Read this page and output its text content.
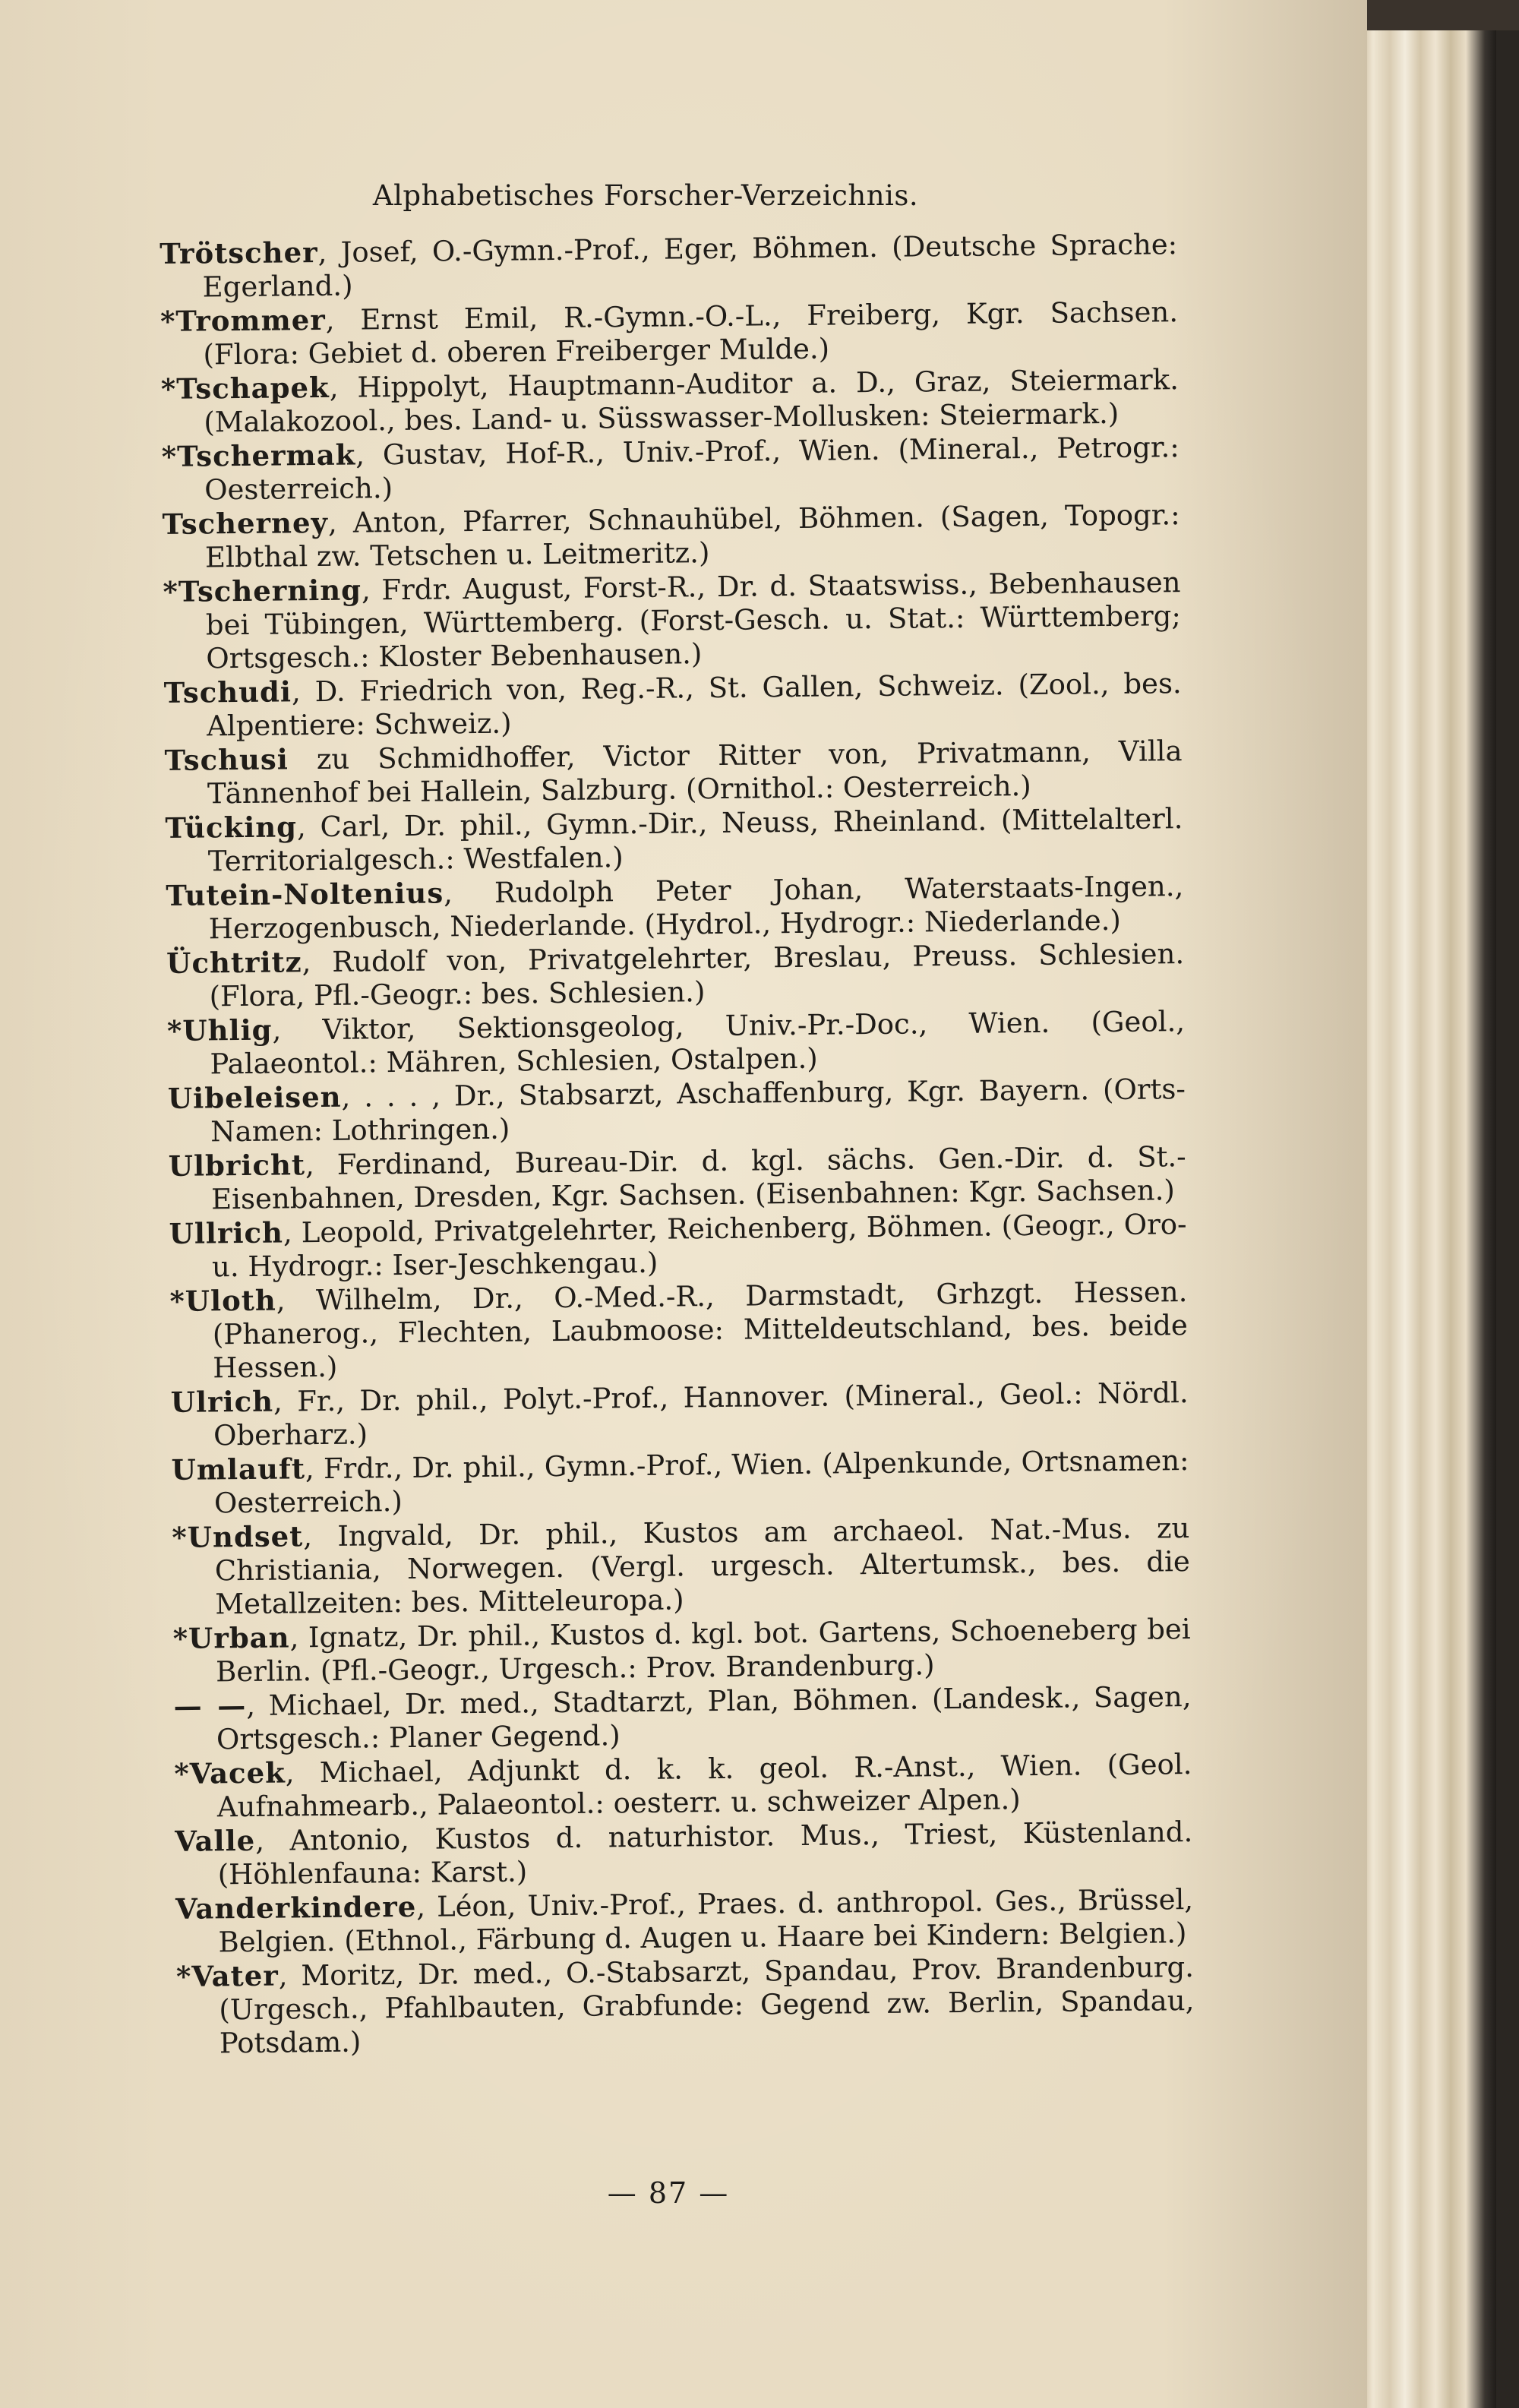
Alphabetisches Forscher-Verzeichnis.

Trötscher, Josef, O.-Gymn.-Prof., Eger, Böhmen. (Deutsche Sprache: Egerland.)

*Trommer, Ernst Emil, R.-Gymn.-O.-L., Freiberg, Kgr. Sachsen. (Flora: Gebiet d. oberen Freiberger Mulde.)

*Tschapek, Hippolyt, Hauptmann-Auditor a. D., Graz, Steiermark. (Malakozool., bes. Land- u. Süsswasser-Mollusken: Steiermark.)

*Tschermak, Gustav, Hof-R., Univ.-Prof., Wien. (Mineral., Petrogr.: Oesterreich.)

Tscherney, Anton, Pfarrer, Schnauhübel, Böhmen. (Sagen, Topogr.: Elbthal zw. Tetschen u. Leitmeritz.)

*Tscherning, Frdr. August, Forst-R., Dr. d. Staatswiss., Bebenhausen bei Tübingen, Württemberg. (Forst-Gesch. u. Stat.: Württemberg; Ortsgesch.: Kloster Bebenhausen.)

Tschudi, D. Friedrich von, Reg.-R., St. Gallen, Schweiz. (Zool., bes. Alpentiere: Schweiz.)

Tschusi zu Schmidhoffer, Victor Ritter von, Privatmann, Villa Tännenhof bei Hallein, Salzburg. (Ornithol.: Oesterreich.)

Tücking, Carl, Dr. phil., Gymn.-Dir., Neuss, Rheinland. (Mittelalterl. Territorialgesch.: Westfalen.)

Tutein-Noltenius, Rudolph Peter Johan, Waterstaats-Ingen., Herzogenbusch, Niederlande. (Hydrol., Hydrogr.: Niederlande.)

Üchtritz, Rudolf von, Privatgelehrter, Breslau, Preuss. Schlesien. (Flora, Pfl.-Geogr.: bes. Schlesien.)

*Uhlig, Viktor, Sektionsgeolog, Univ.-Pr.-Doc., Wien. (Geol., Palaeontol.: Mähren, Schlesien, Ostalpen.)

Uibeleisen, . . . , Dr., Stabsarzt, Aschaffenburg, Kgr. Bayern. (Orts-Namen: Lothringen.)

Ulbricht, Ferdinand, Bureau-Dir. d. kgl. sächs. Gen.-Dir. d. St.-Eisenbahnen, Dresden, Kgr. Sachsen. (Eisenbahnen: Kgr. Sachsen.)

Ullrich, Leopold, Privatgelehrter, Reichenberg, Böhmen. (Geogr., Oro- u. Hydrogr.: Iser-Jeschkengau.)

*Uloth, Wilhelm, Dr., O.-Med.-R., Darmstadt, Grhzgt. Hessen. (Phanerog., Flechten, Laubmoose: Mitteldeutschland, bes. beide Hessen.)

Ulrich, Fr., Dr. phil., Polyt.-Prof., Hannover. (Mineral., Geol.: Nördl. Oberharz.)

Umlauft, Frdr., Dr. phil., Gymn.-Prof., Wien. (Alpenkunde, Ortsnamen: Oesterreich.)

*Undset, Ingvald, Dr. phil., Kustos am archaeol. Nat.-Mus. zu Christiania, Norwegen. (Vergl. urgesch. Altertumsk., bes. die Metallzeiten: bes. Mitteleuropa.)

*Urban, Ignatz, Dr. phil., Kustos d. kgl. bot. Gartens, Schoeneberg bei Berlin. (Pfl.-Geogr., Urgesch.: Prov. Brandenburg.)

— —, Michael, Dr. med., Stadtarzt, Plan, Böhmen. (Landesk., Sagen, Ortsgesch.: Planer Gegend.)

*Vacek, Michael, Adjunkt d. k. k. geol. R.-Anst., Wien. (Geol. Aufnahmearb., Palaeontol.: oesterr. u. schweizer Alpen.)

Valle, Antonio, Kustos d. naturhistor. Mus., Triest, Küstenland. (Höhlenfauna: Karst.)

Vanderkindere, Léon, Univ.-Prof., Praes. d. anthropol. Ges., Brüssel, Belgien. (Ethnol., Färbung d. Augen u. Haare bei Kindern: Belgien.)

*Vater, Moritz, Dr. med., O.-Stabsarzt, Spandau, Prov. Brandenburg. (Urgesch., Pfahlbauten, Grabfunde: Gegend zw. Berlin, Spandau, Potsdam.)

— 87 —
